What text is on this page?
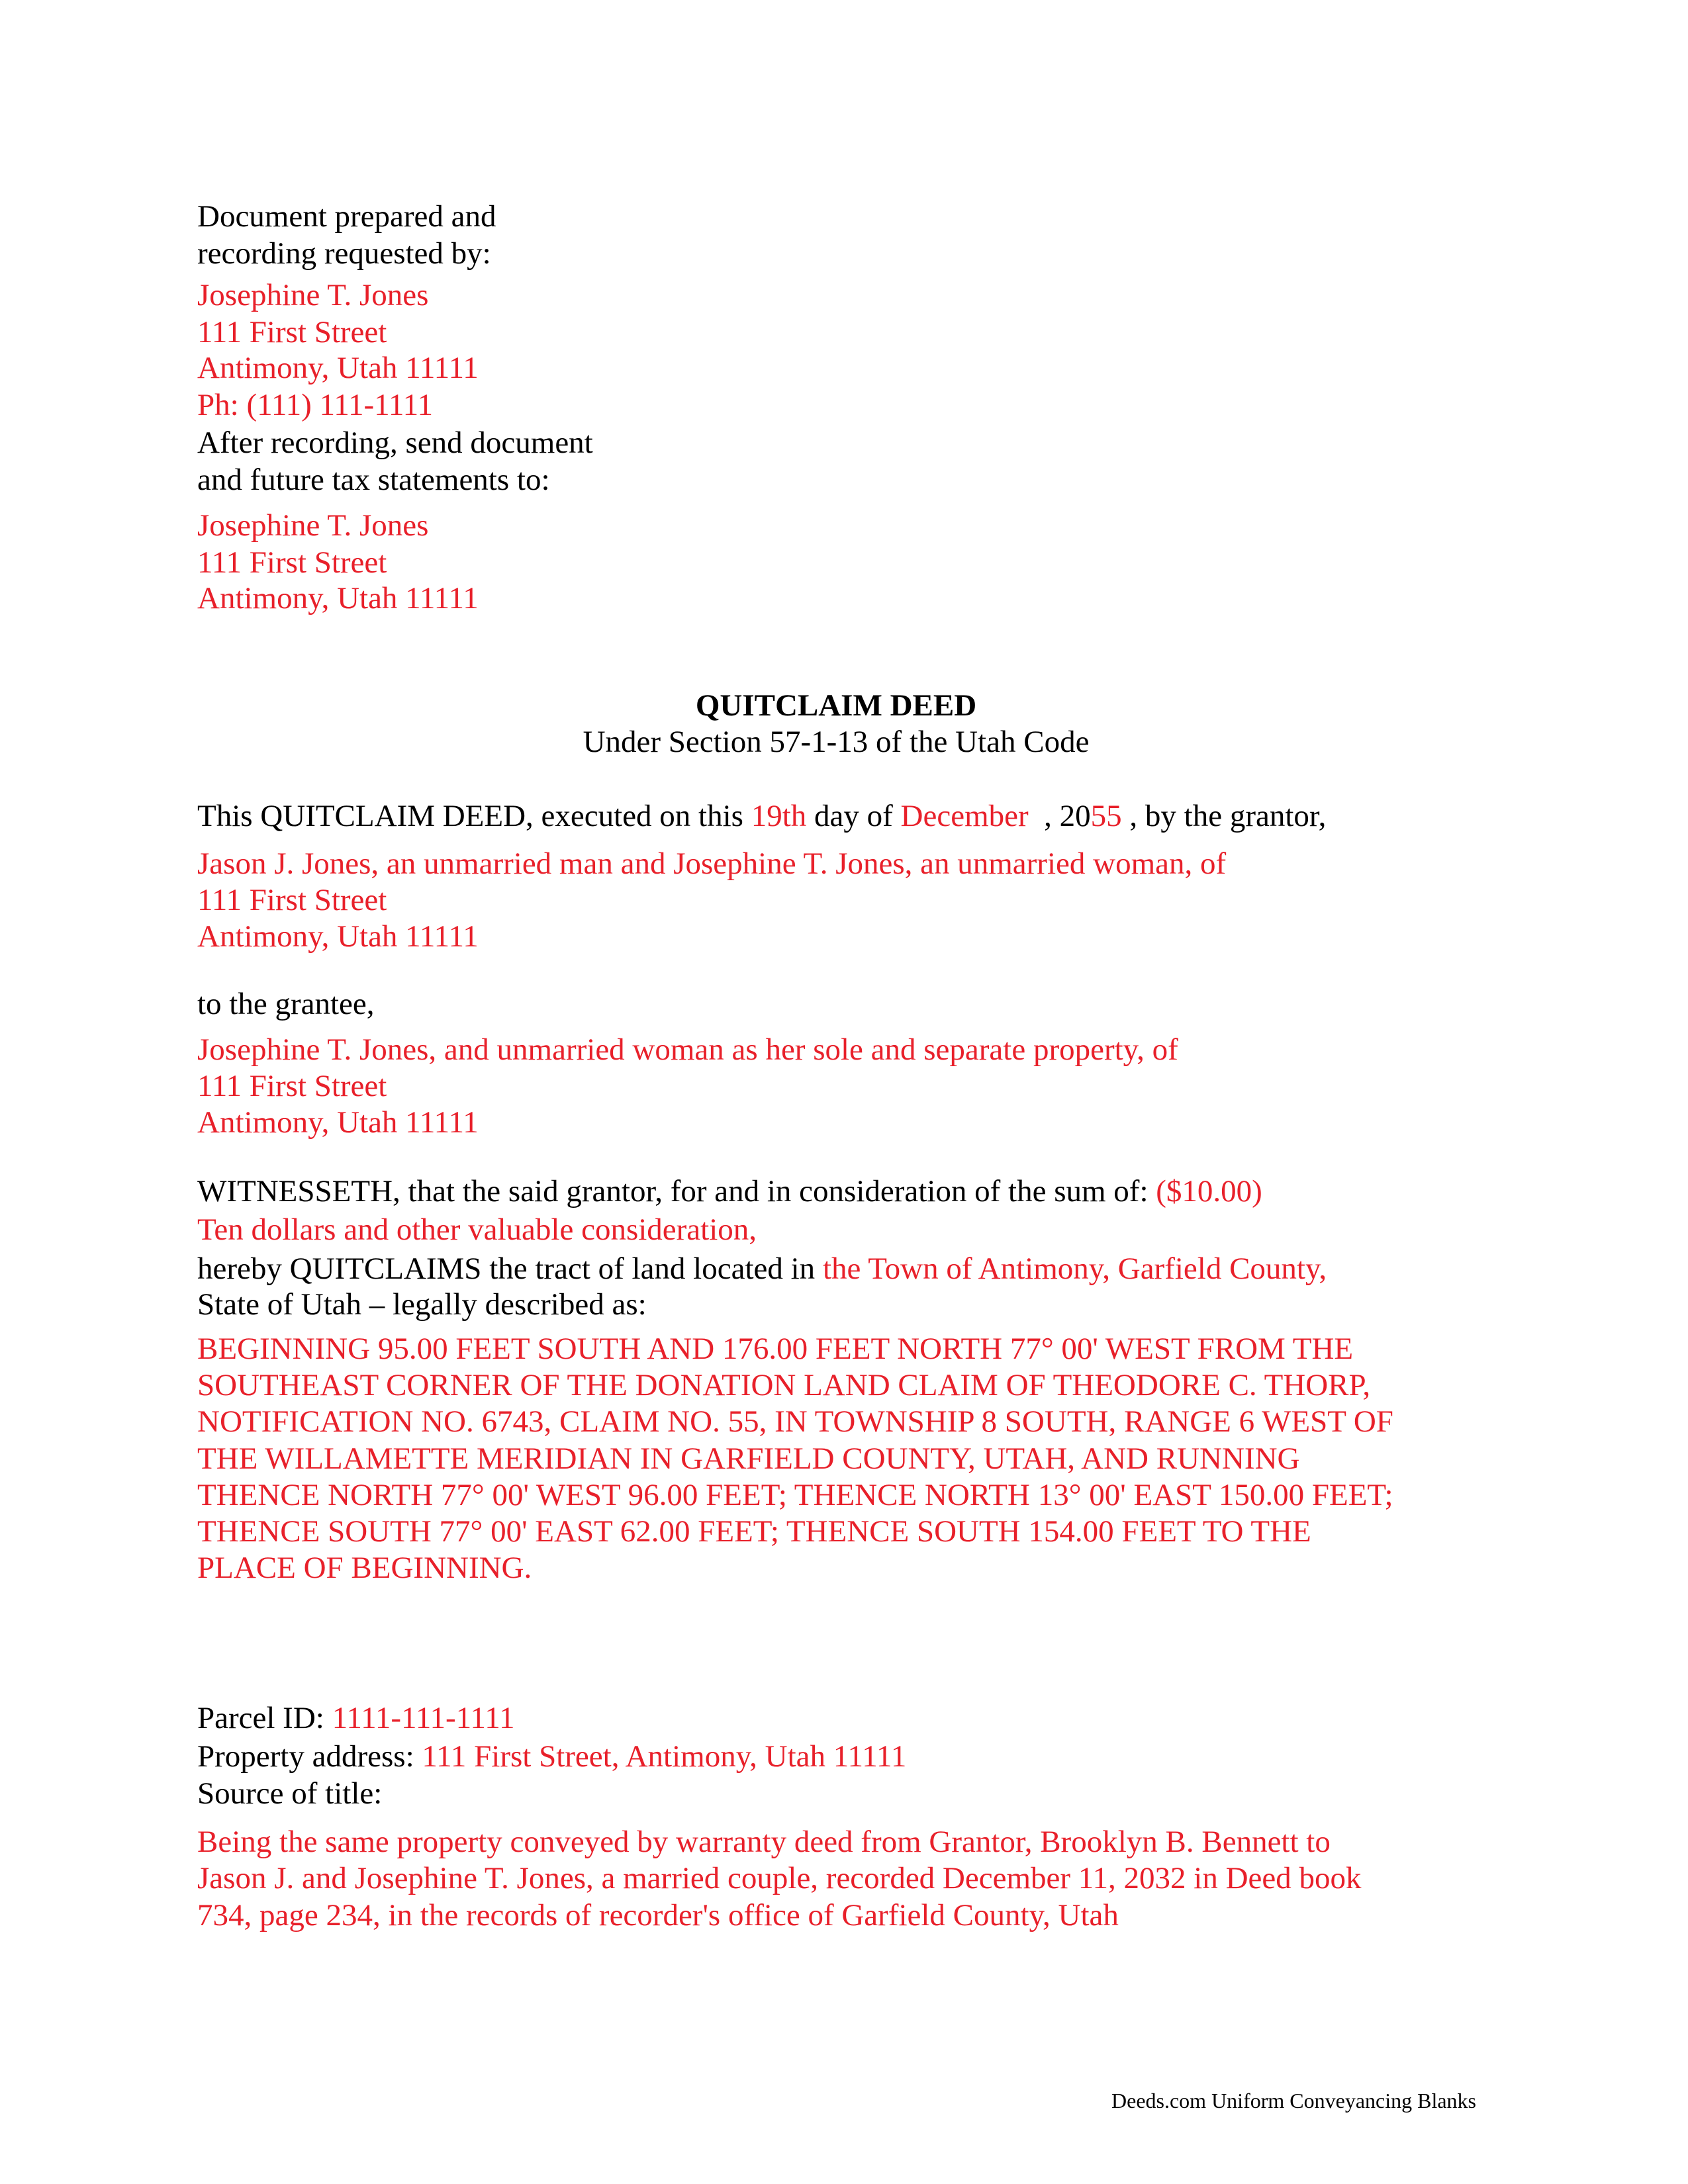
Document prepared and
recording requested by:
Josephine T. Jones
111 First Street
Antimony, Utah 11111
Ph: (111) 111-1111
After recording, send document
and future tax statements to:
Josephine T. Jones
111 First Street
Antimony, Utah 11111
QUITCLAIM DEED
Under Section 57-1-13 of the Utah Code
This QUITCLAIM DEED, executed on this 19th day of December , 2055 , by the grantor,
Jason J. Jones, an unmarried man and Josephine T. Jones, an unmarried woman, of
111 First Street
Antimony, Utah 11111
to the grantee,
Josephine T. Jones, and unmarried woman as her sole and separate property, of
111 First Street
Antimony, Utah 11111
WITNESSETH, that the said grantor, for and in consideration of the sum of: ($10.00)
Ten dollars and other valuable consideration,
hereby QUITCLAIMS the tract of land located in the Town of Antimony, Garfield County,
State of Utah – legally described as:
BEGINNING 95.00 FEET SOUTH AND 176.00 FEET NORTH 77° 00' WEST FROM THE
SOUTHEAST CORNER OF THE DONATION LAND CLAIM OF THEODORE C. THORP,
NOTIFICATION NO. 6743, CLAIM NO. 55, IN TOWNSHIP 8 SOUTH, RANGE 6 WEST OF
THE WILLAMETTE MERIDIAN IN GARFIELD COUNTY, UTAH, AND RUNNING
THENCE NORTH 77° 00' WEST 96.00 FEET; THENCE NORTH 13° 00' EAST 150.00 FEET;
THENCE SOUTH 77° 00' EAST 62.00 FEET; THENCE SOUTH 154.00 FEET TO THE
PLACE OF BEGINNING.
Parcel ID: 1111-111-1111
Property address: 111 First Street, Antimony, Utah 11111
Source of title:
Being the same property conveyed by warranty deed from Grantor, Brooklyn B. Bennett to
Jason J. and Josephine T. Jones, a married couple, recorded December 11, 2032 in Deed book
734, page 234, in the records of recorder's office of Garfield County, Utah
Deeds.com Uniform Conveyancing Blanks
